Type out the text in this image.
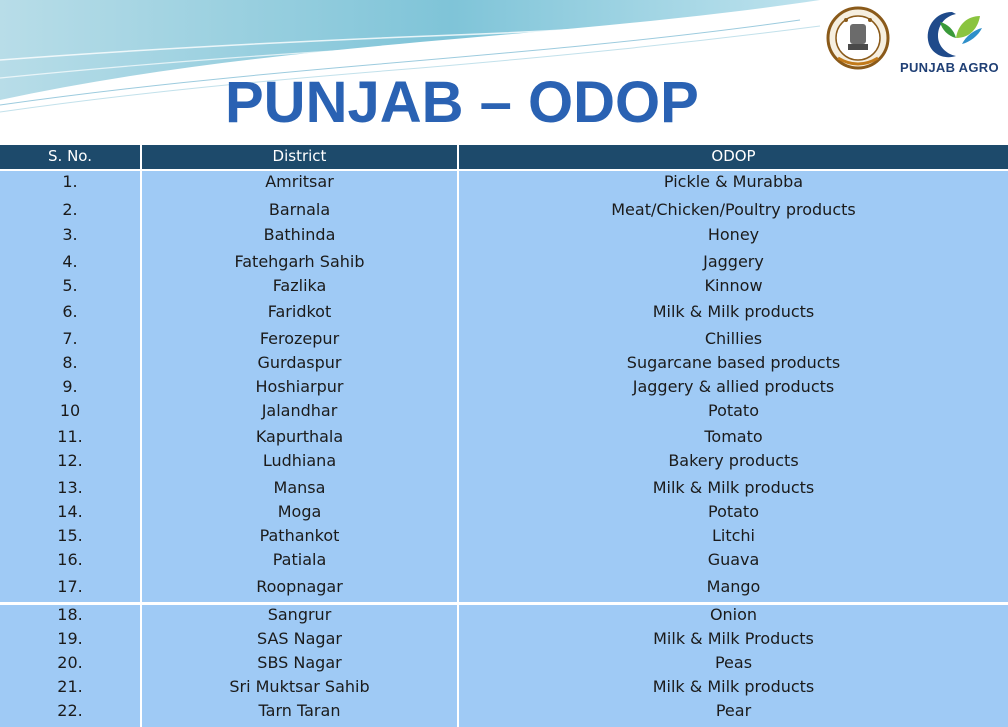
PUNJAB – ODOP
PUNJAB AGRO
S. No.
1.
2.
3.
4.
5.
6.
7.
8.
9.
10
11.
12.
13.
14.
15.
16.
17.
18.
19.
20.
21.
22.
District
Amritsar
Barnala
Bathinda
Fatehgarh Sahib
Fazlika
Faridkot
Ferozepur
Gurdaspur
Hoshiarpur
Jalandhar
Kapurthala
Ludhiana
Mansa
Moga
Pathankot
Patiala
Roopnagar
Sangrur
SAS Nagar
SBS Nagar
Sri Muktsar Sahib
Tarn Taran
ODOP
Pickle & Murabba
Meat/Chicken/Poultry products
Honey
Jaggery
Kinnow
Milk & Milk products
Chillies
Sugarcane based products
Jaggery & allied products
Potato
Tomato
Bakery products
Milk & Milk products
Potato
Litchi
Guava
Mango
Onion
Milk & Milk Products
Peas
Milk & Milk products
Pear
